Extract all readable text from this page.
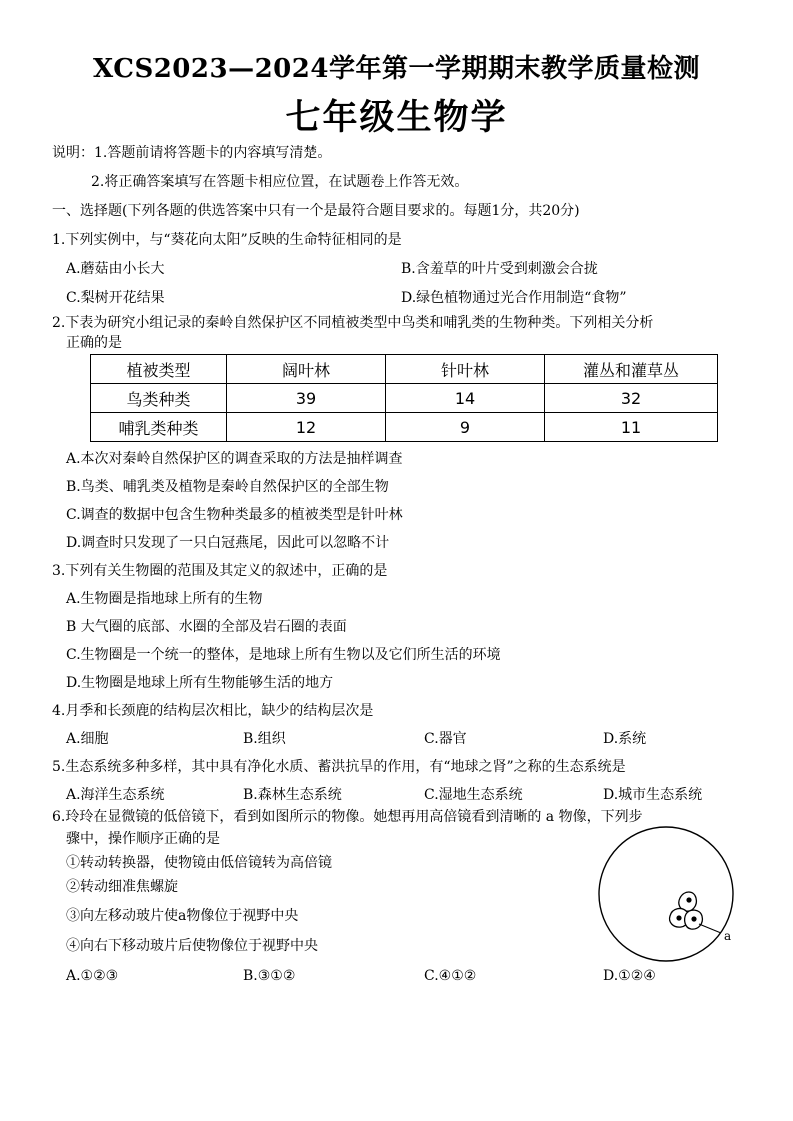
XCS2023—2024学年第一学期期末教学质量检测
七年级生物学
说明：1.答题前请将答题卡的内容填写清楚。
2.将正确答案填写在答题卡相应位置，在试题卷上作答无效。
一、选择题(下列各题的供选答案中只有一个是最符合题目要求的。每题1分，共20分)
1.下列实例中，与“葵花向太阳”反映的生命特征相同的是
A.蘑菇由小长大	B.含羞草的叶片受到刺激会合拢
C.梨树开花结果	D.绿色植物通过光合作用制造“食物”
2.下表为研究小组记录的秦岭自然保护区不同植被类型中鸟类和哺乳类的生物种类。下列相关分析
正确的是
植被类型	阔叶林	针叶林	灌丛和灌草丛
鸟类种类	39	14	32
哺乳类种类	12	9	11
A.本次对秦岭自然保护区的调查采取的方法是抽样调查
B.鸟类、哺乳类及植物是秦岭自然保护区的全部生物
C.调查的数据中包含生物种类最多的植被类型是针叶林
D.调查时只发现了一只白冠燕尾，因此可以忽略不计
3.下列有关生物圈的范围及其定义的叙述中，正确的是
A.生物圈是指地球上所有的生物
B 大气圈的底部、水圈的全部及岩石圈的表面
C.生物圈是一个统一的整体，是地球上所有生物以及它们所生活的环境
D.生物圈是地球上所有生物能够生活的地方
4.月季和长颈鹿的结构层次相比，缺少的结构层次是
A.细胞	B.组织	C.器官	D.系统
5.生态系统多种多样，其中具有净化水质、蓄洪抗旱的作用，有“地球之肾”之称的生态系统是
A.海洋生态系统	B.森林生态系统	C.湿地生态系统	D.城市生态系统
6.玲玲在显微镜的低倍镜下，看到如图所示的物像。她想再用高倍镜看到清晰的 a 物像，下列步
骤中，操作顺序正确的是
①转动转换器，使物镜由低倍镜转为高倍镜
②转动细准焦螺旋
③向左移动玻片使a物像位于视野中央
④向右下移动玻片后使物像位于视野中央
A.①②③	B.③①②	C.④①②	D.①②④
a
